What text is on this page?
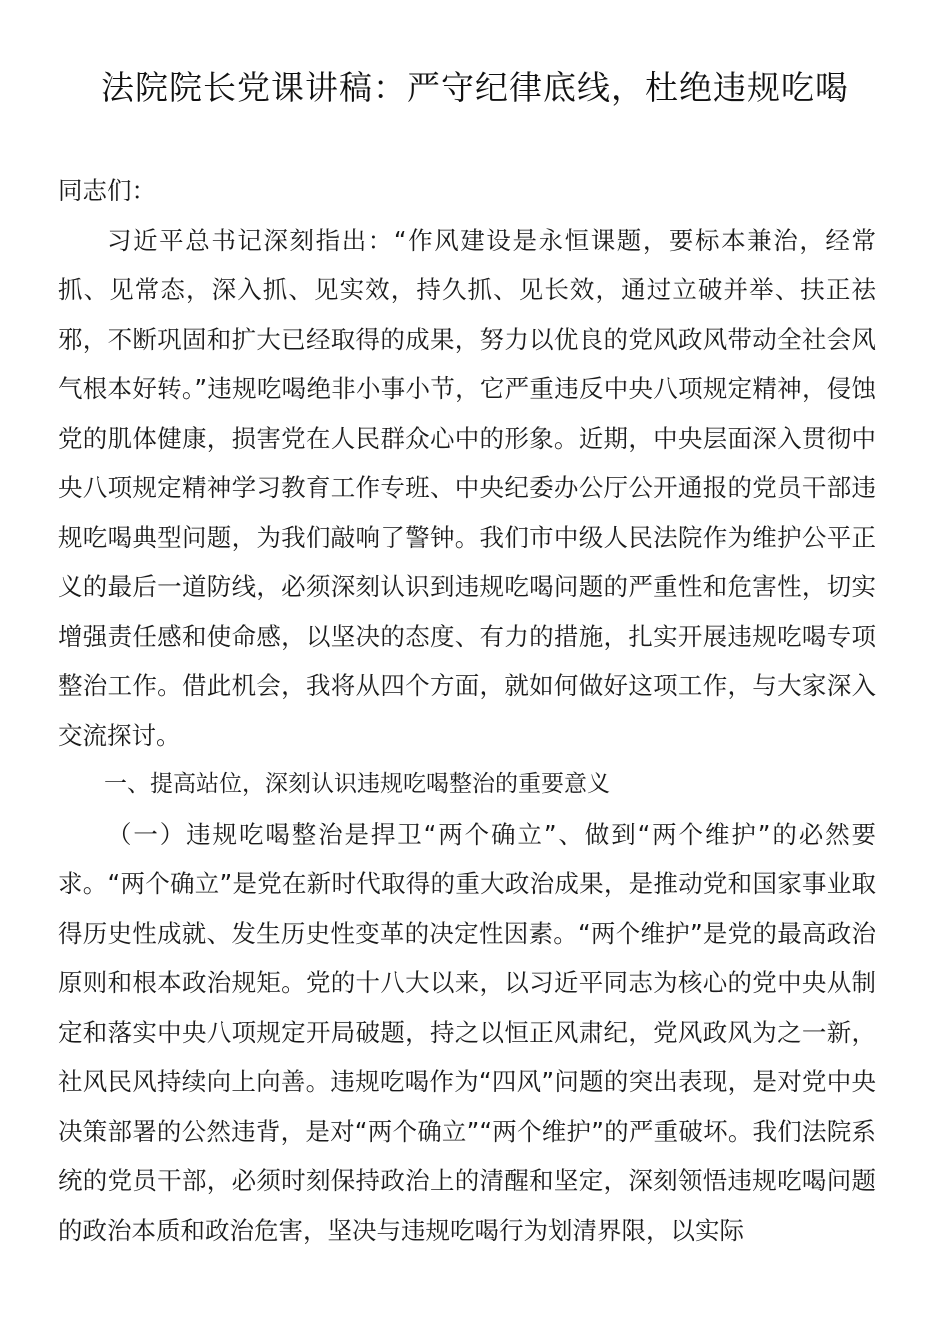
法院院长党课讲稿：严守纪律底线，杜绝违规吃喝

同志们：

习近平总书记深刻指出：“作风建设是永恒课题，要标本兼治，经常抓、见常态，深入抓、见实效，持久抓、见长效，通过立破并举、扶正祛邪，不断巩固和扩大已经取得的成果，努力以优良的党风政风带动全社会风气根本好转。”违规吃喝绝非小事小节，它严重违反中央八项规定精神，侵蚀党的肌体健康，损害党在人民群众心中的形象。近期，中央层面深入贯彻中央八项规定精神学习教育工作专班、中央纪委办公厅公开通报的党员干部违规吃喝典型问题，为我们敲响了警钟。我们市中级人民法院作为维护公平正义的最后一道防线，必须深刻认识到违规吃喝问题的严重性和危害性，切实增强责任感和使命感，以坚决的态度、有力的措施，扎实开展违规吃喝专项整治工作。借此机会，我将从四个方面，就如何做好这项工作，与大家深入交流探讨。

一、提高站位，深刻认识违规吃喝整治的重要意义

（一）违规吃喝整治是捍卫“两个确立”、做到“两个维护”的必然要求。“两个确立”是党在新时代取得的重大政治成果，是推动党和国家事业取得历史性成就、发生历史性变革的决定性因素。“两个维护”是党的最高政治原则和根本政治规矩。党的十八大以来，以习近平同志为核心的党中央从制定和落实中央八项规定开局破题，持之以恒正风肃纪，党风政风为之一新，社风民风持续向上向善。违规吃喝作为“四风”问题的突出表现，是对党中央决策部署的公然违背，是对“两个确立”“两个维护”的严重破坏。我们法院系统的党员干部，必须时刻保持政治上的清醒和坚定，深刻领悟违规吃喝问题的政治本质和政治危害，坚决与违规吃喝行为划清界限，以实际
